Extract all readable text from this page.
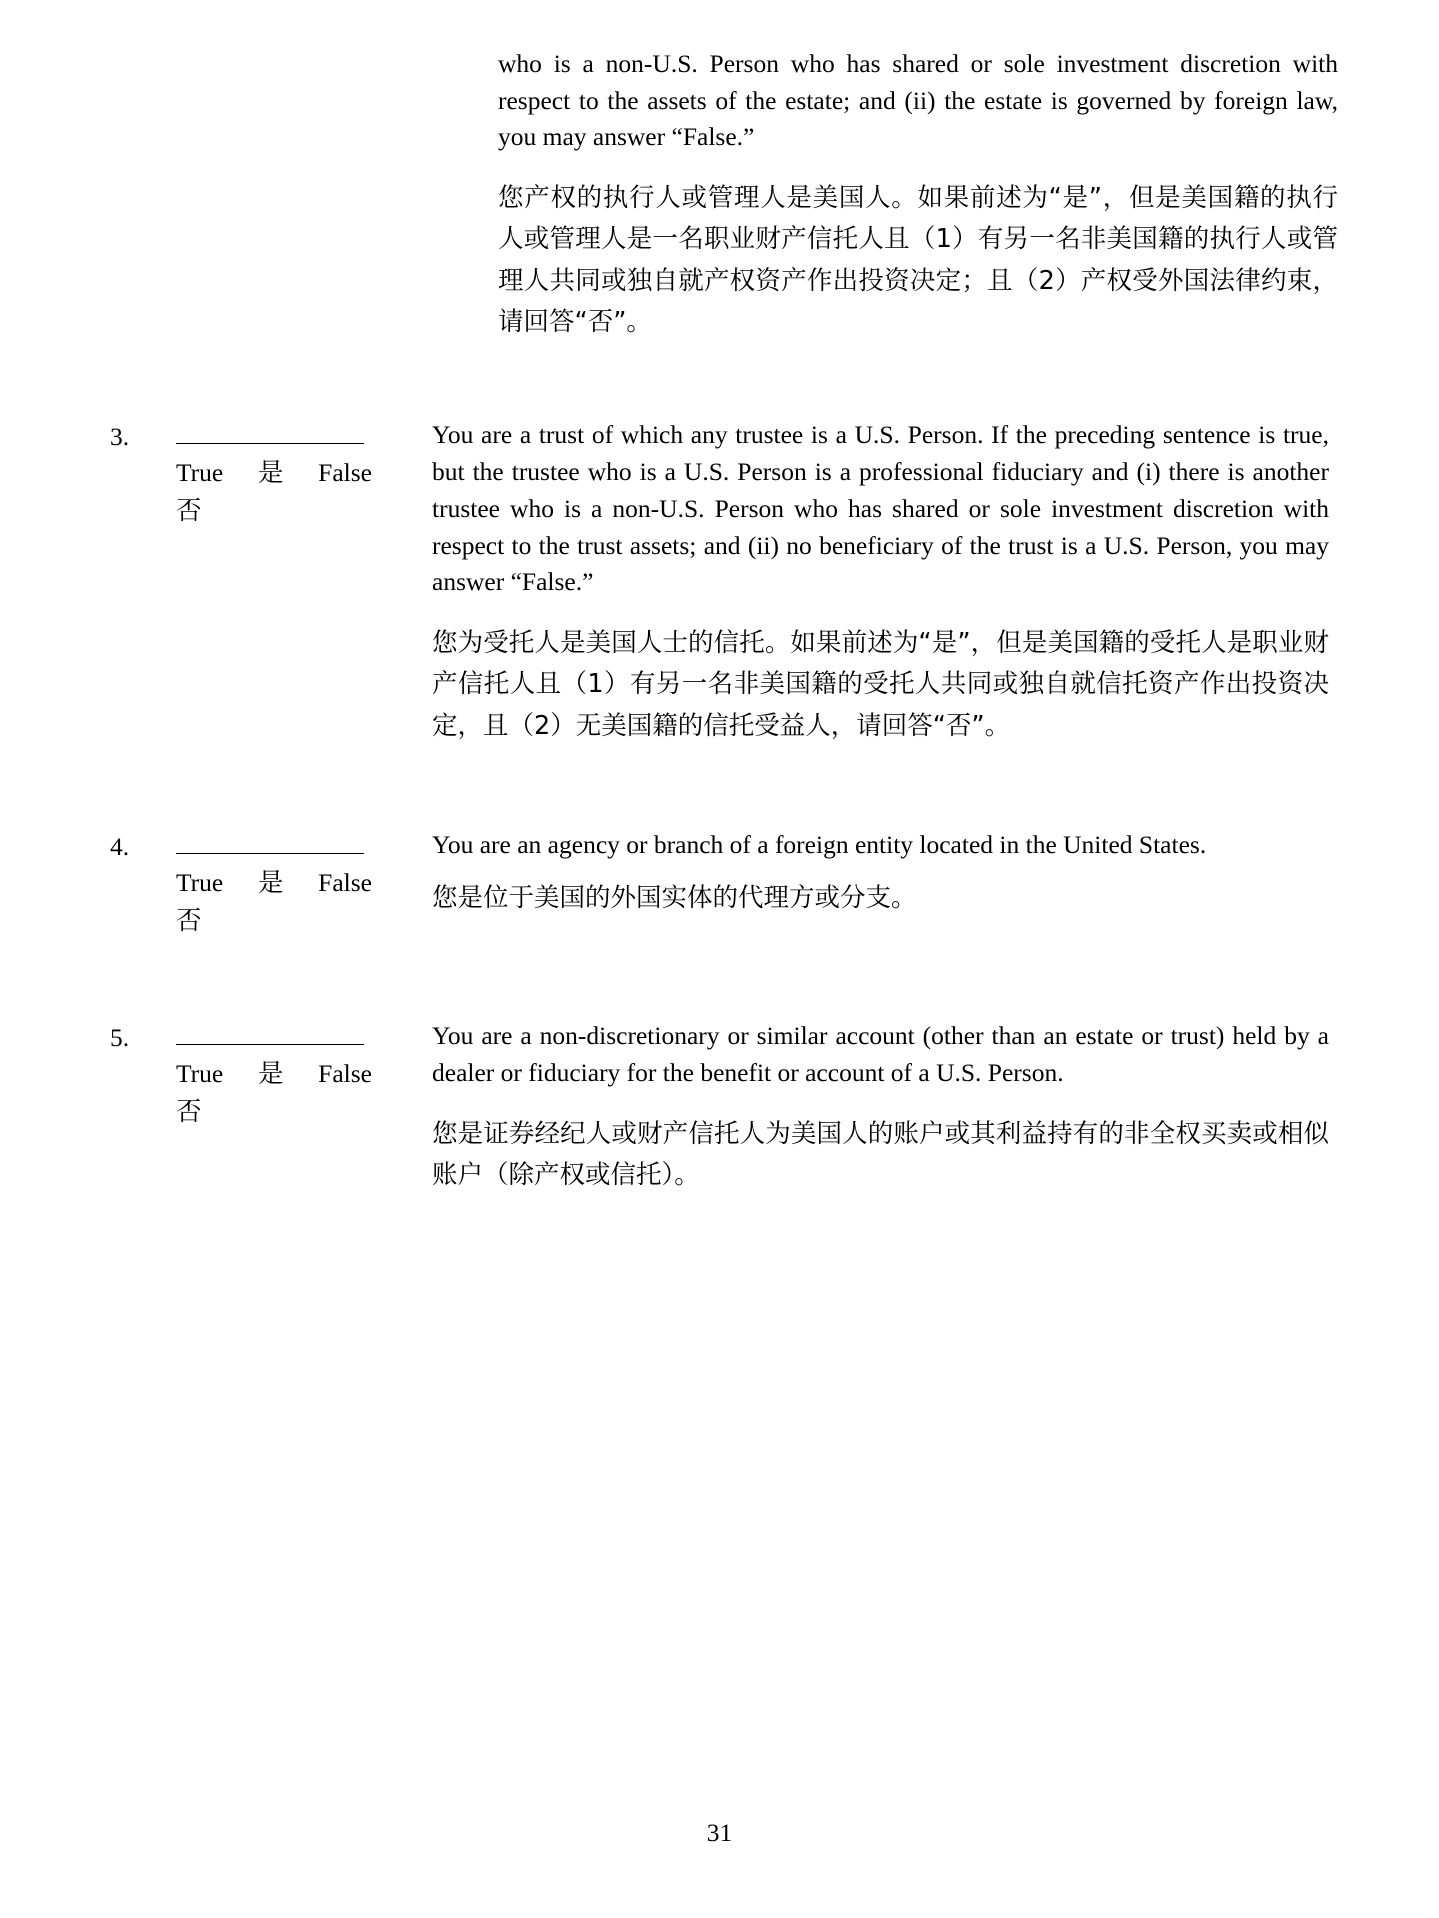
who is a non-U.S. Person who has shared or sole investment discretion with respect to the assets of the estate; and (ii) the estate is governed by foreign law, you may answer “False.”
您产权的执行人或管理人是美国人。如果前述为“是”，但是美国籍的执行人或管理人是一名职业财产信托人且（1）有另一名非美国籍的执行人或管理人共同或独自就产权资产作出投资决定；且（2）产权受外国法律约束，请回答“否”。
3.
True 是 False
否
You are a trust of which any trustee is a U.S. Person. If the preceding sentence is true, but the trustee who is a U.S. Person is a professional fiduciary and (i) there is another trustee who is a non-U.S. Person who has shared or sole investment discretion with respect to the trust assets; and (ii) no beneficiary of the trust is a U.S. Person, you may answer “False.”
您为受托人是美国人士的信托。如果前述为“是”，但是美国籍的受托人是职业财产信托人且（1）有另一名非美国籍的受托人共同或独自就信托资产作出投资决定，且（2）无美国籍的信托受益人，请回答“否”。
4.
True 是 False
否
You are an agency or branch of a foreign entity located in the United States.
您是位于美国的外国实体的代理方或分支。
5.
True 是 False
否
You are a non-discretionary or similar account (other than an estate or trust) held by a dealer or fiduciary for the benefit or account of a U.S. Person.
您是证券经纪人或财产信托人为美国人的账户或其利益持有的非全权买卖或相似账户（除产权或信托）。
31
